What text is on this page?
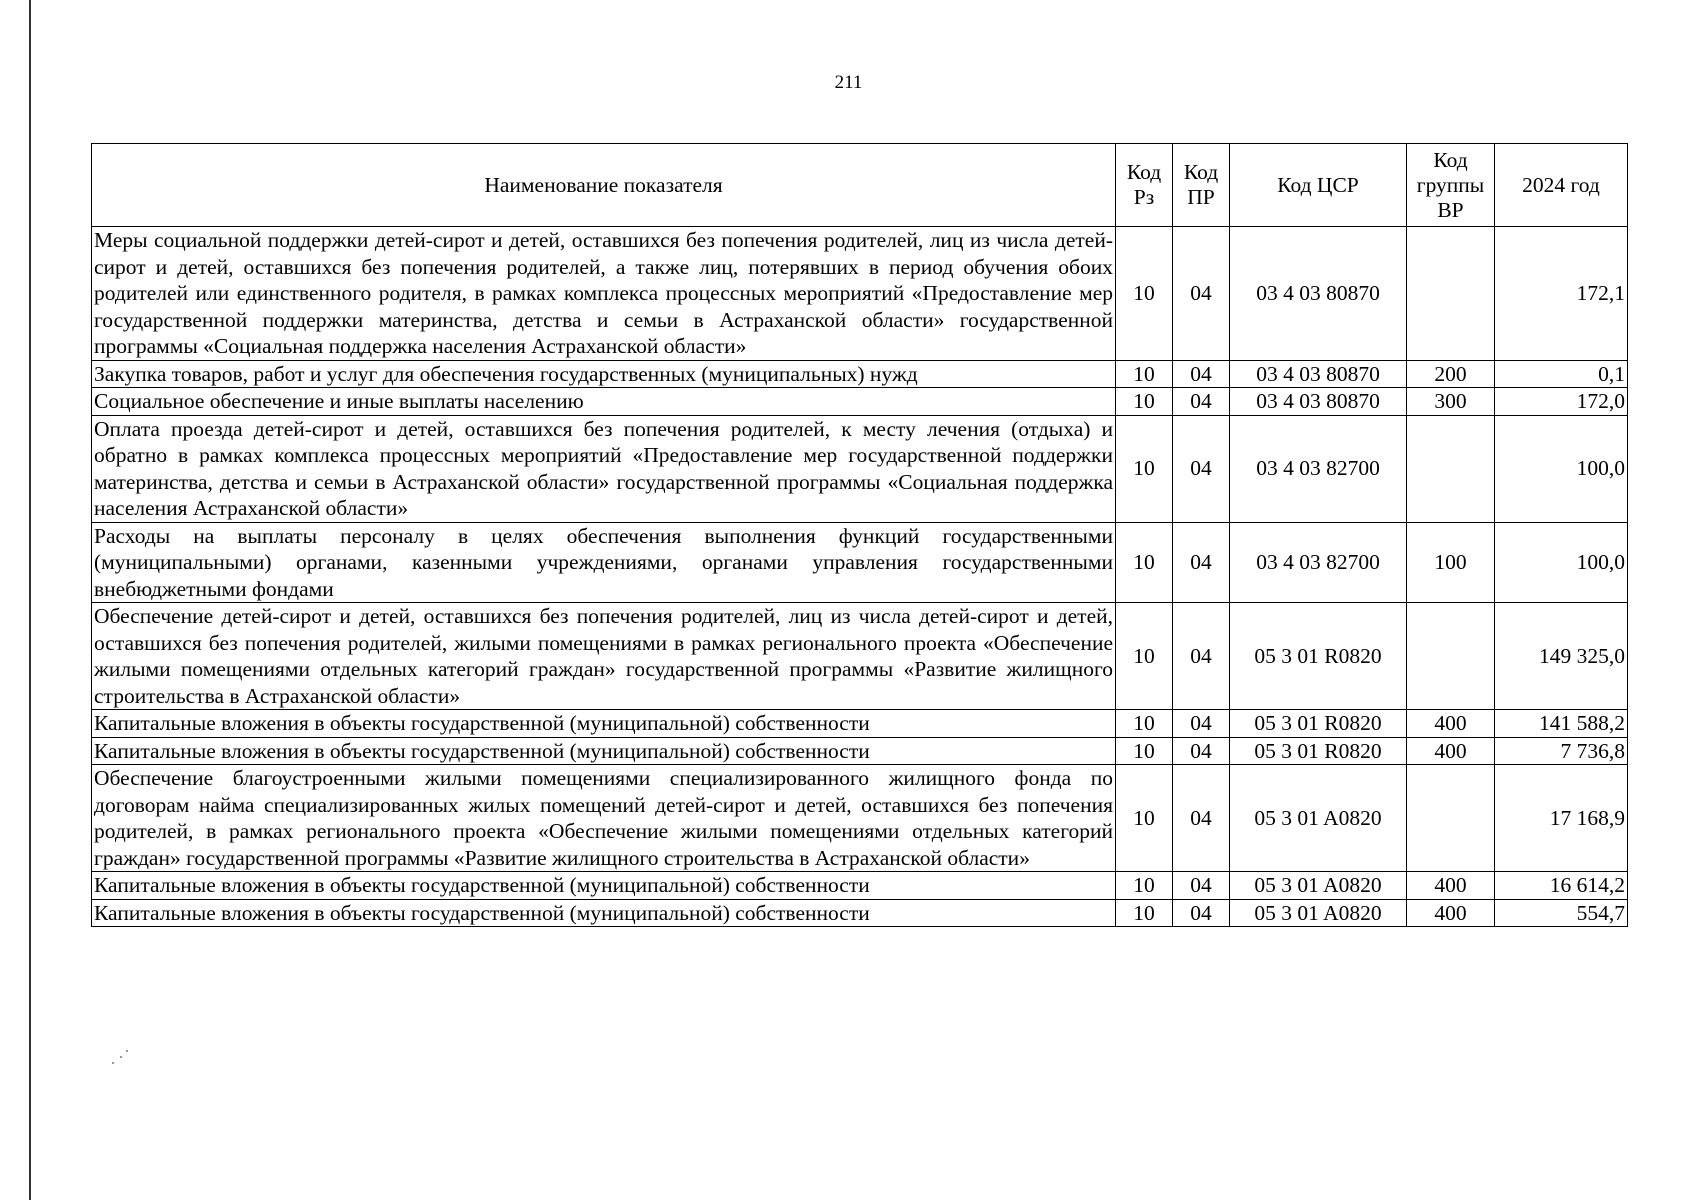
211
Наименование показателя	Код Рз	Код ПР	Код ЦСР	Код группы ВР	2024 год
Меры социальной поддержки детей-сирот и детей, оставшихся без попечения родителей, лиц из числа детей-сирот и детей, оставшихся без попечения родителей, а также лиц, потерявших в период обучения обоих родителей или единственного родителя, в рамках комплекса процессных мероприятий «Предоставление мер государственной поддержки материнства, детства и семьи в Астраханской области» государственной программы «Социальная поддержка населения Астраханской области»	10	04	03 4 03 80870		172,1
Закупка товаров, работ и услуг для обеспечения государственных (муниципальных) нужд	10	04	03 4 03 80870	200	0,1
Социальное обеспечение и иные выплаты населению	10	04	03 4 03 80870	300	172,0
Оплата проезда детей-сирот и детей, оставшихся без попечения родителей, к месту лечения (отдыха) и обратно в рамках комплекса процессных мероприятий «Предоставление мер государственной поддержки материнства, детства и семьи в Астраханской области» государственной программы «Социальная поддержка населения Астраханской области»	10	04	03 4 03 82700		100,0
Расходы на выплаты персоналу в целях обеспечения выполнения функций государственными (муниципальными) органами, казенными учреждениями, органами управления государственными внебюджетными фондами	10	04	03 4 03 82700	100	100,0
Обеспечение детей-сирот и детей, оставшихся без попечения родителей, лиц из числа детей-сирот и детей, оставшихся без попечения родителей, жилыми помещениями в рамках регионального проекта «Обеспечение жилыми помещениями отдельных категорий граждан» государственной программы «Развитие жилищного строительства в Астраханской области»	10	04	05 3 01 R0820		149 325,0
Капитальные вложения в объекты государственной (муниципальной) собственности	10	04	05 3 01 R0820	400	141 588,2
Капитальные вложения в объекты государственной (муниципальной) собственности	10	04	05 3 01 R0820	400	7 736,8
Обеспечение благоустроенными жилыми помещениями специализированного жилищного фонда по договорам найма специализированных жилых помещений детей-сирот и детей, оставшихся без попечения родителей, в рамках регионального проекта «Обеспечение жилыми помещениями отдельных категорий граждан» государственной программы «Развитие жилищного строительства в Астраханской области»	10	04	05 3 01 A0820		17 168,9
Капитальные вложения в объекты государственной (муниципальной) собственности	10	04	05 3 01 A0820	400	16 614,2
Капитальные вложения в объекты государственной (муниципальной) собственности	10	04	05 3 01 A0820	400	554,7
